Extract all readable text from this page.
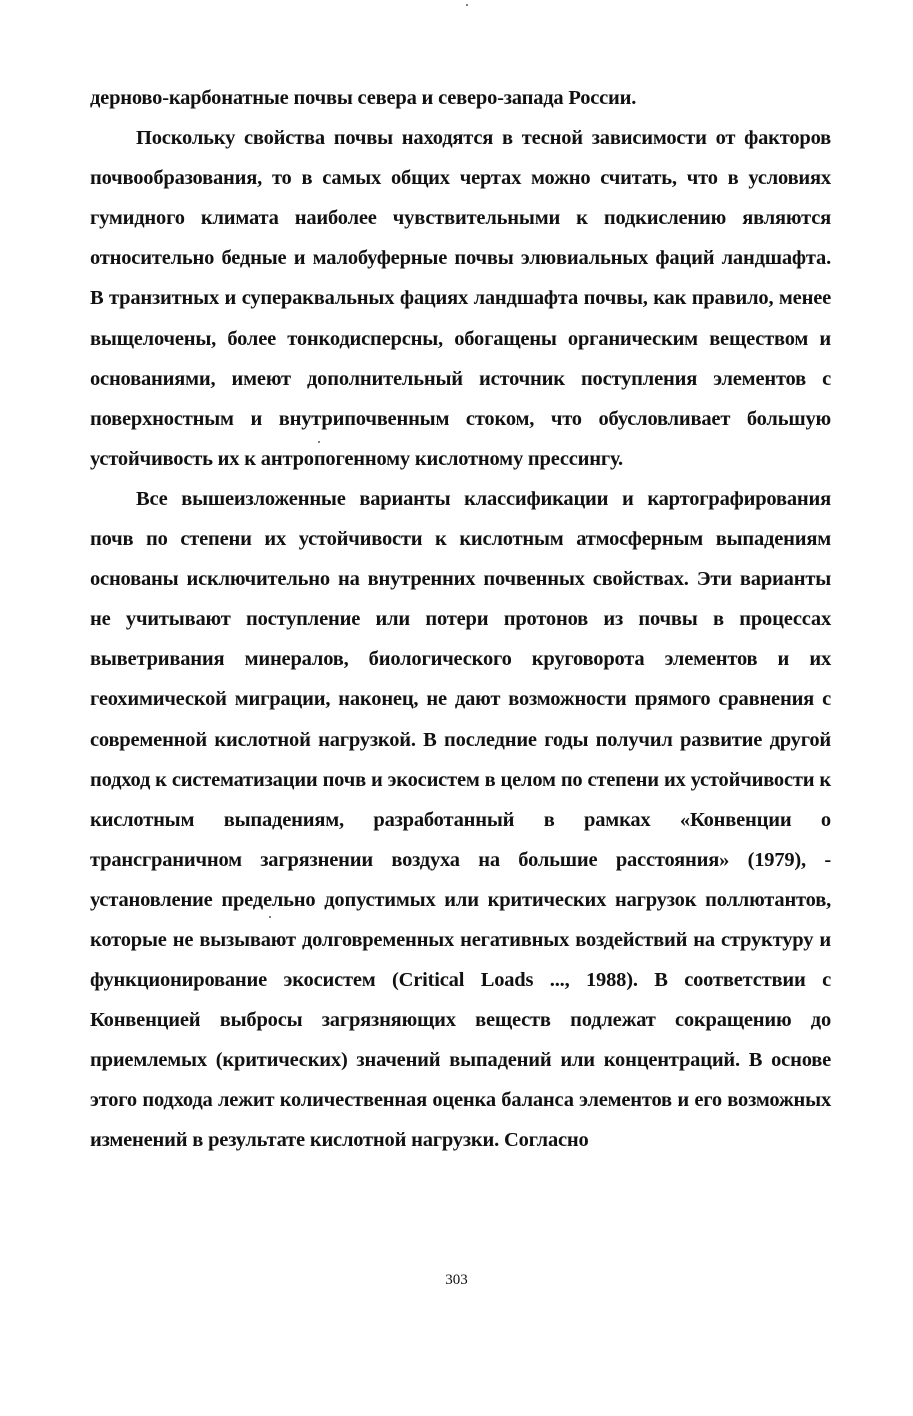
дерново-карбонатные почвы севера и северо-запада России.

Поскольку свойства почвы находятся в тесной зависимости от факторов почвообразования, то в самых общих чертах можно считать, что в условиях гумидного климата наиболее чувствительными к подкислению являются относительно бедные и малобуферные почвы элювиальных фаций ландшафта. В транзитных и супераквальных фациях ландшафта почвы, как правило, менее выщелочены, более тонкодисперсны, обогащены органическим веществом и основаниями, имеют дополнительный источник поступления элементов с поверхностным и внутрипочвенным стоком, что обусловливает большую устойчивость их к антропогенному кислотному прессингу.

Все вышеизложенные варианты классификации и картографирования почв по степени их устойчивости к кислотным атмосферным выпадениям основаны исключительно на внутренних почвенных свойствах. Эти варианты не учитывают поступление или потери протонов из почвы в процессах выветривания минералов, биологического круговорота элементов и их геохимической миграции, наконец, не дают возможности прямого сравнения с современной кислотной нагрузкой. В последние годы получил развитие другой подход к систематизации почв и экосистем в целом по степени их устойчивости к кислотным выпадениям, разработанный в рамках «Конвенции о трансграничном загрязнении воздуха на большие расстояния» (1979), - установление предельно допустимых или критических нагрузок поллютантов, которые не вызывают долговременных негативных воздействий на структуру и функционирование экосистем (Critical Loads ..., 1988). В соответствии с Конвенцией выбросы загрязняющих веществ подлежат сокращению до приемлемых (критических) значений выпадений или концентраций. В основе этого подхода лежит количественная оценка баланса элементов и его возможных изменений в результате кислотной нагрузки. Согласно

303
